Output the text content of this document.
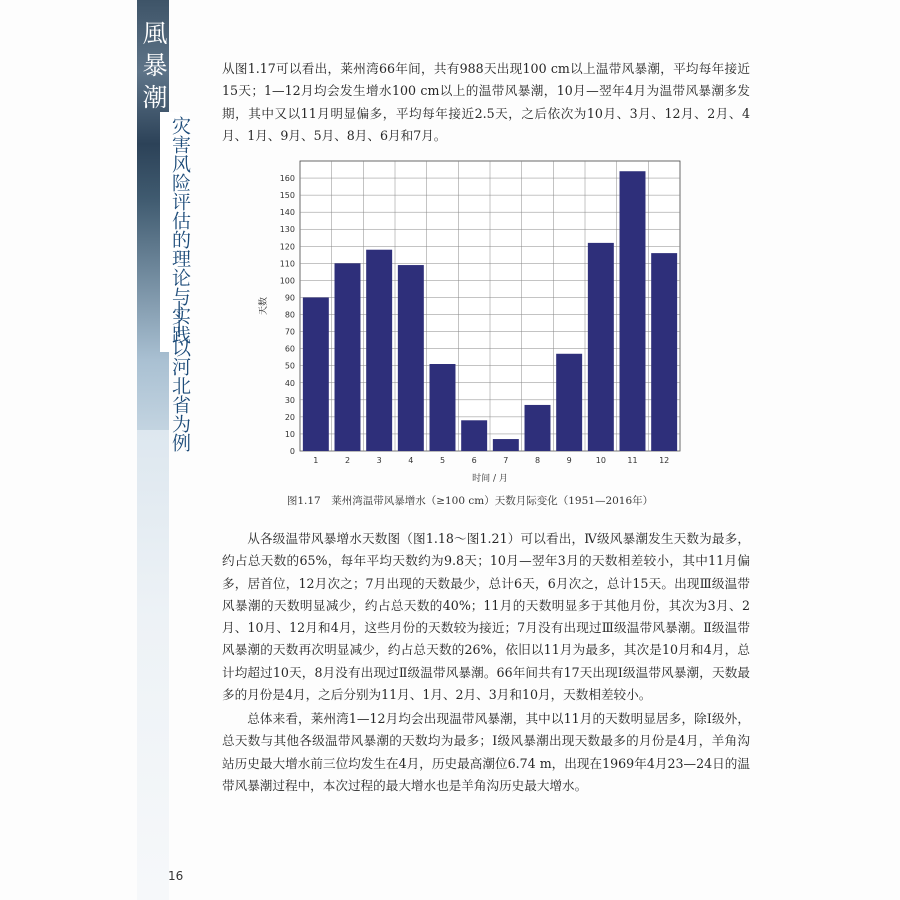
風暴潮
灾害风险评估的理论与实践
——以河北省为例
从图1.17可以看出，莱州湾66年间，共有988天出现100 cm以上温带风暴潮，平均每年接近15天；1—12月均会发生增水100 cm以上的温带风暴潮，10月—翌年4月为温带风暴潮多发期，其中又以11月明显偏多，平均每年接近2.5天，之后依次为10月、3月、12月、2月、4月、1月、9月、5月、8月、6月和7月。
0
10
20
30
40
50
60
70
80
90
100
110
120
130
140
150
160
1	2	3	4	5	6	7	8	9	10	11	12
时间 / 月
天数
图1.17　莱州湾温带风暴增水（≥100 cm）天数月际变化（1951—2016年）
从各级温带风暴增水天数图（图1.18～图1.21）可以看出，Ⅳ级风暴潮发生天数为最多，约占总天数的65%，每年平均天数约为9.8天；10月—翌年3月的天数相差较小，其中11月偏多，居首位，12月次之；7月出现的天数最少，总计6天，6月次之，总计15天。出现Ⅲ级温带风暴潮的天数明显减少，约占总天数的40%；11月的天数明显多于其他月份，其次为3月、2月、10月、12月和4月，这些月份的天数较为接近；7月没有出现过Ⅲ级温带风暴潮。Ⅱ级温带风暴潮的天数再次明显减少，约占总天数的26%，依旧以11月为最多，其次是10月和4月，总计均超过10天，8月没有出现过Ⅱ级温带风暴潮。66年间共有17天出现Ⅰ级温带风暴潮，天数最多的月份是4月，之后分别为11月、1月、2月、3月和10月，天数相差较小。
总体来看，莱州湾1—12月均会出现温带风暴潮，其中以11月的天数明显居多，除Ⅰ级外，总天数与其他各级温带风暴潮的天数均为最多；Ⅰ级风暴潮出现天数最多的月份是4月，羊角沟站历史最大增水前三位均发生在4月，历史最高潮位6.74 m，出现在1969年4月23—24日的温带风暴潮过程中，本次过程的最大增水也是羊角沟历史最大增水。
16
